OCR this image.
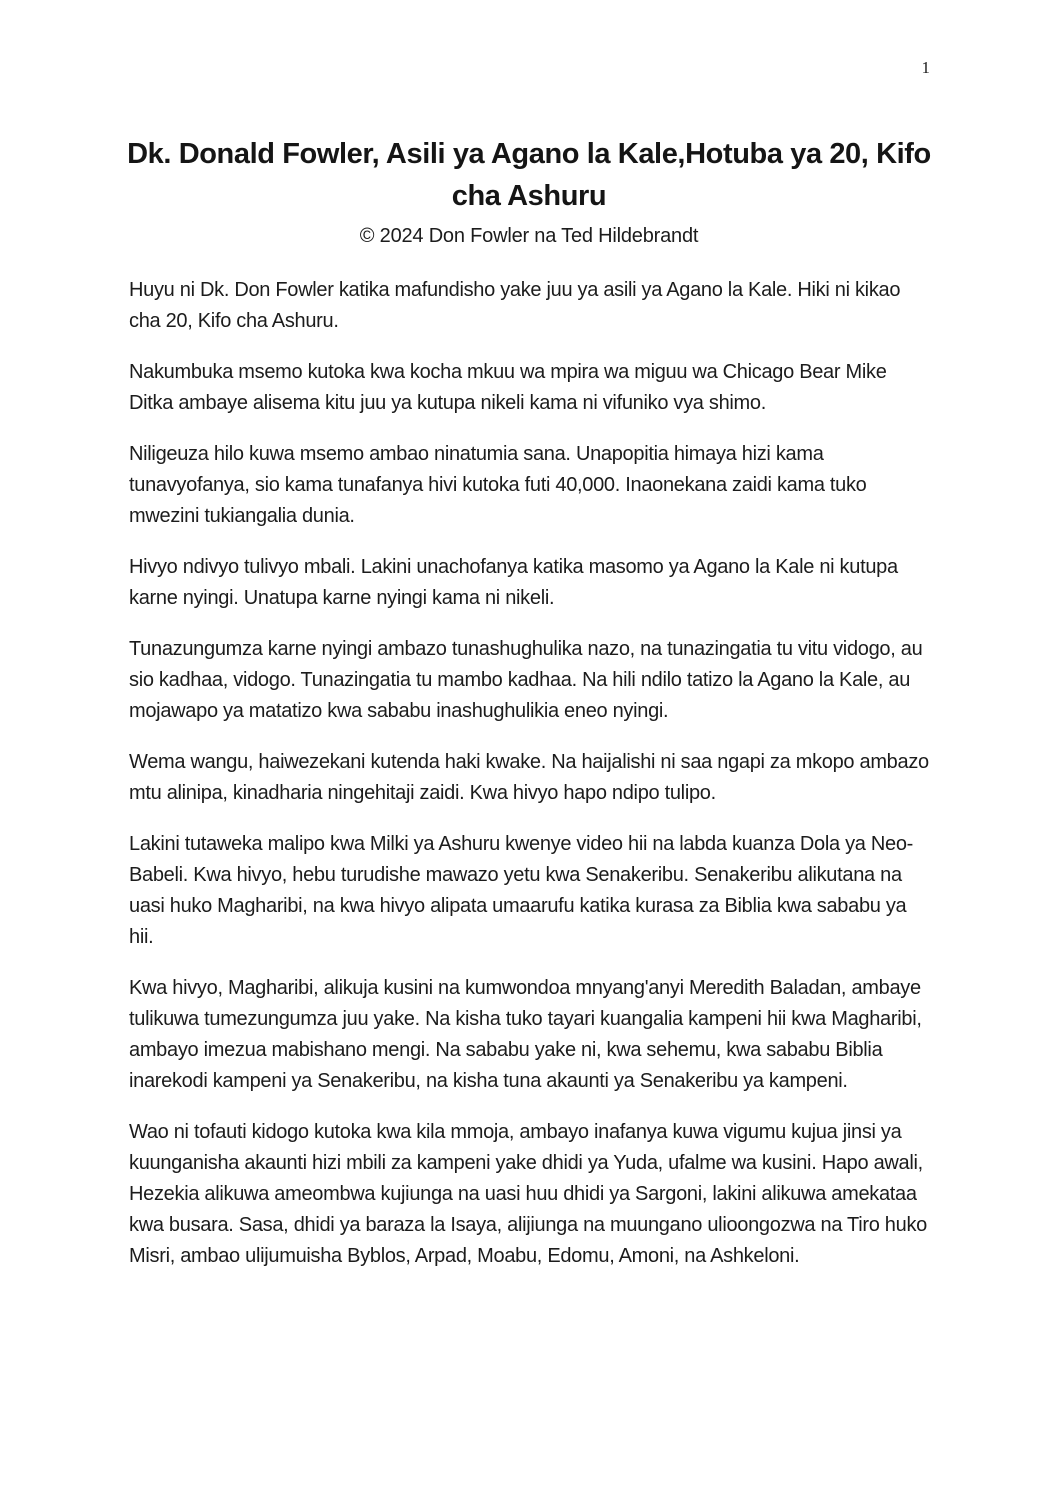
1
Dk. Donald Fowler, Asili ya Agano la Kale,Hotuba ya 20, Kifo cha Ashuru
© 2024 Don Fowler na Ted Hildebrandt

Huyu ni Dk. Don Fowler katika mafundisho yake juu ya asili ya Agano la Kale. Hiki ni kikao cha 20, Kifo cha Ashuru.

Nakumbuka msemo kutoka kwa kocha mkuu wa mpira wa miguu wa Chicago Bear Mike Ditka ambaye alisema kitu juu ya kutupa nikeli kama ni vifuniko vya shimo.

Niligeuza hilo kuwa msemo ambao ninatumia sana. Unapopitia himaya hizi kama tunavyofanya, sio kama tunafanya hivi kutoka futi 40,000. Inaonekana zaidi kama tuko mwezini tukiangalia dunia.

Hivyo ndivyo tulivyo mbali. Lakini unachofanya katika masomo ya Agano la Kale ni kutupa karne nyingi. Unatupa karne nyingi kama ni nikeli.

Tunazungumza karne nyingi ambazo tunashughulika nazo, na tunazingatia tu vitu vidogo, au sio kadhaa, vidogo. Tunazingatia tu mambo kadhaa. Na hili ndilo tatizo la Agano la Kale, au mojawapo ya matatizo kwa sababu inashughulikia eneo nyingi.

Wema wangu, haiwezekani kutenda haki kwake. Na haijalishi ni saa ngapi za mkopo ambazo mtu alinipa, kinadharia ningehitaji zaidi. Kwa hivyo hapo ndipo tulipo.

Lakini tutaweka malipo kwa Milki ya Ashuru kwenye video hii na labda kuanza Dola ya Neo-Babeli. Kwa hivyo, hebu turudishe mawazo yetu kwa Senakeribu. Senakeribu alikutana na uasi huko Magharibi, na kwa hivyo alipata umaarufu katika kurasa za Biblia kwa sababu ya hii.

Kwa hivyo, Magharibi, alikuja kusini na kumwondoa mnyang'anyi Meredith Baladan, ambaye tulikuwa tumezungumza juu yake. Na kisha tuko tayari kuangalia kampeni hii kwa Magharibi, ambayo imezua mabishano mengi. Na sababu yake ni, kwa sehemu, kwa sababu Biblia inarekodi kampeni ya Senakeribu, na kisha tuna akaunti ya Senakeribu ya kampeni.

Wao ni tofauti kidogo kutoka kwa kila mmoja, ambayo inafanya kuwa vigumu kujua jinsi ya kuunganisha akaunti hizi mbili za kampeni yake dhidi ya Yuda, ufalme wa kusini. Hapo awali, Hezekia alikuwa ameombwa kujiunga na uasi huu dhidi ya Sargoni, lakini alikuwa amekataa kwa busara. Sasa, dhidi ya baraza la Isaya, alijiunga na muungano ulioongozwa na Tiro huko Misri, ambao ulijumuisha Byblos, Arpad, Moabu, Edomu, Amoni, na Ashkeloni.
